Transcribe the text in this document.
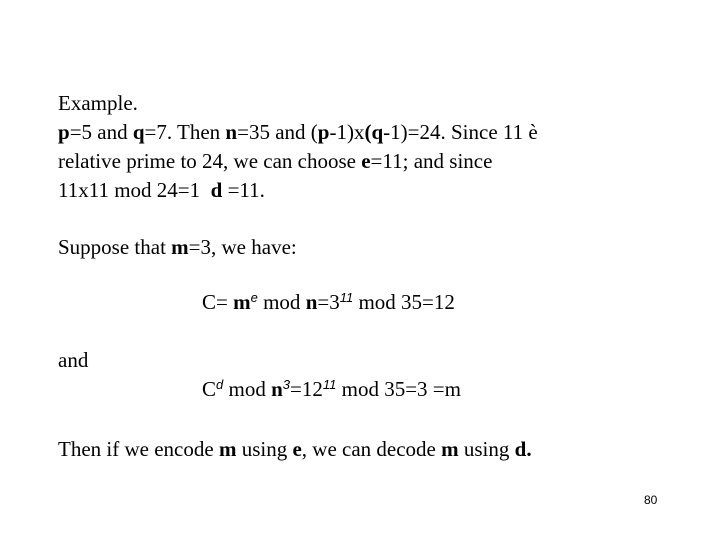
Example.
p=5 and q=7. Then n=35 and (p-1)x(q-1)=24. Since 11 è
relative prime to 24, we can choose e=11; and since
11x11 mod 24=1  d =11.
Suppose that m=3, we have:
$C= m^e$ mod $n=3^{11}$ mod 35=12
and
$C^d$ mod $n^3=12^{11}$ mod 35=3 =m
Then if we encode m using e, we can decode m using d.
80
